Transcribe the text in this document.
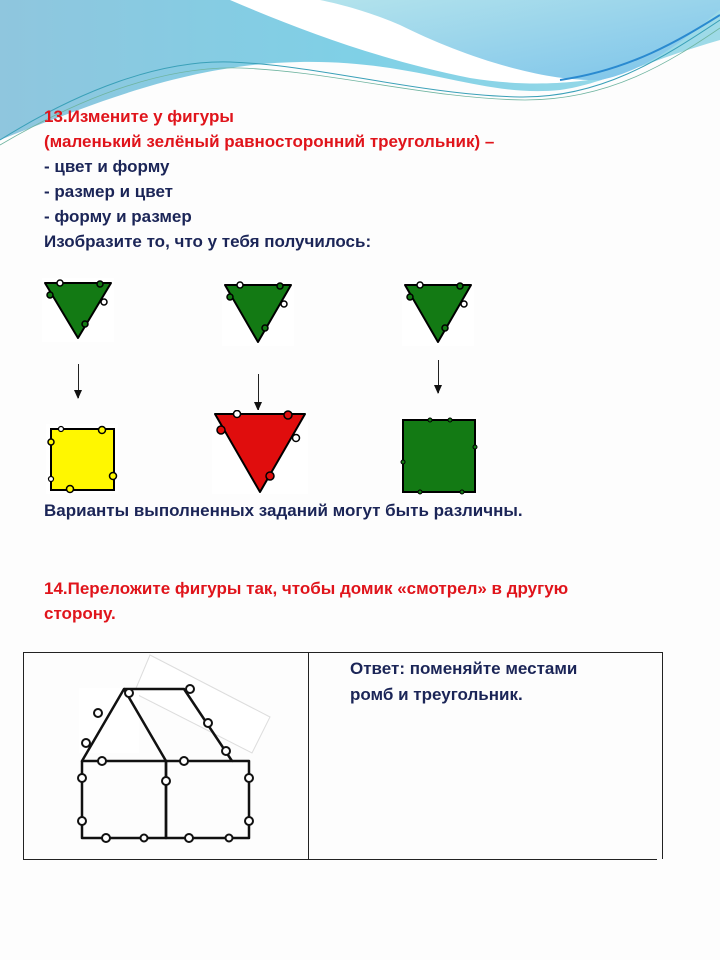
13.Измените у фигуры
(маленький зелёный равносторонний треугольник) –
- цвет и форму
- размер и цвет
- форму и размер
Изобразите то, что у тебя получилось:
Варианты выполненных заданий могут быть различны.
14.Переложите фигуры так, чтобы домик «смотрел» в другую
сторону.
Ответ: поменяйте местами
ромб и треугольник.
